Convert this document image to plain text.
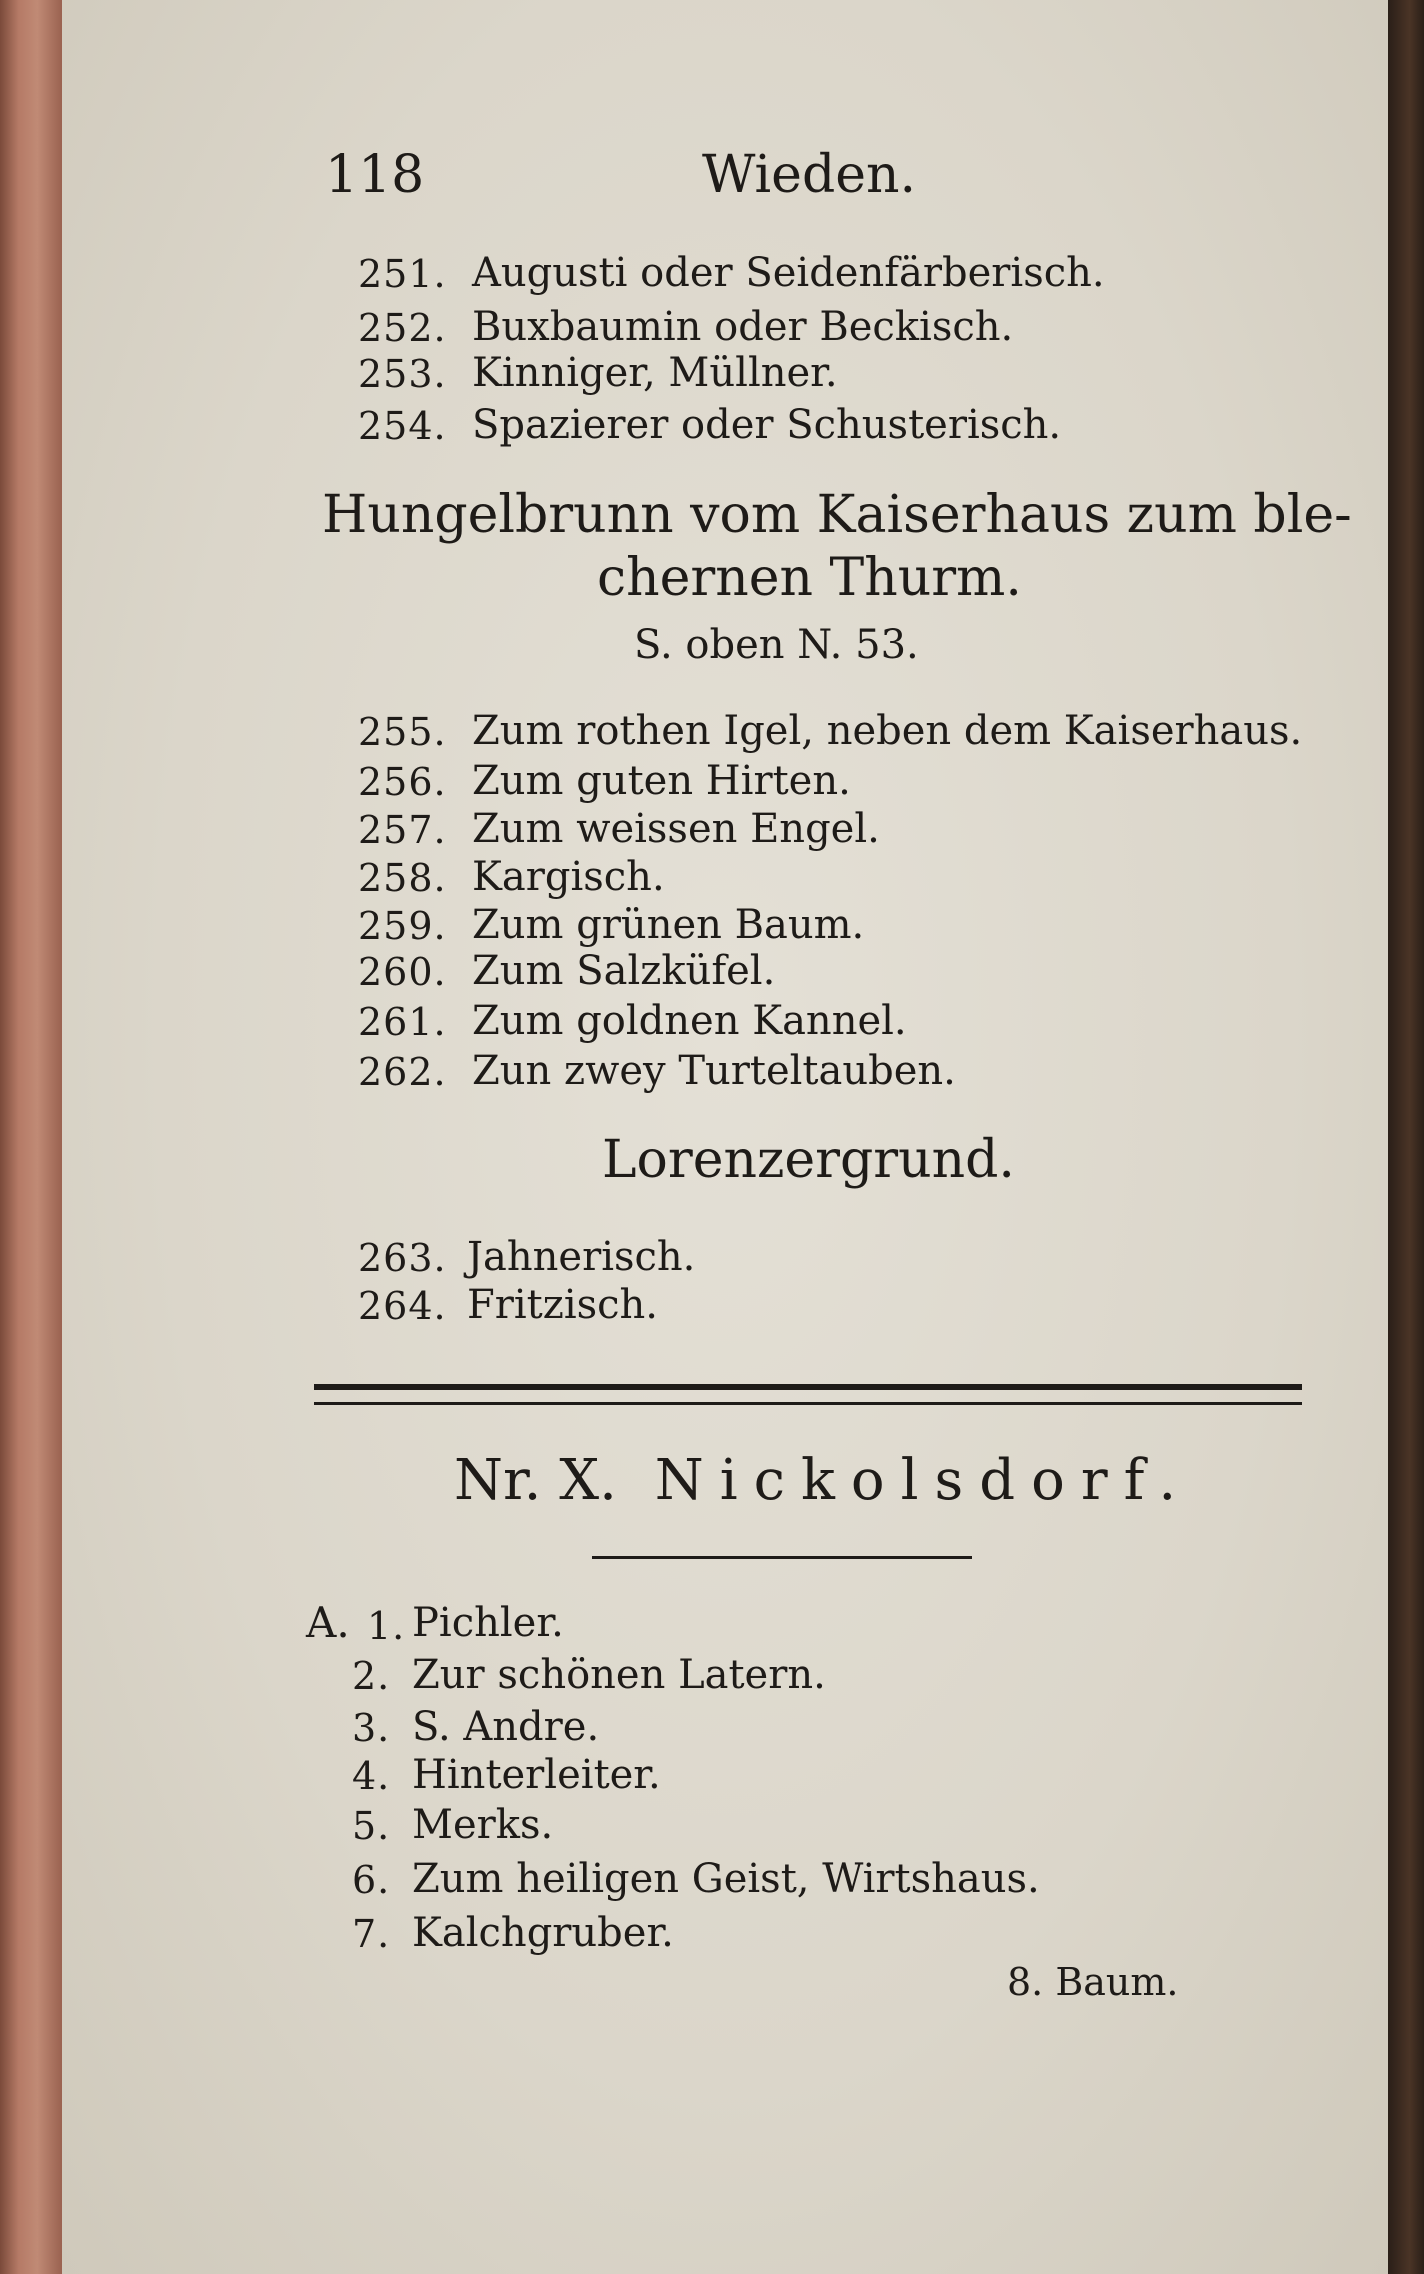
118	Wieden.
251. Augusti oder Seidenfärberisch.
252. Buxbaumin oder Beckisch.
253. Kinniger, Müllner.
254. Spazierer oder Schusterisch.
Hungelbrunn vom Kaiserhaus zum ble-
chernen Thurm.
S. oben N. 53.
255. Zum rothen Igel, neben dem Kaiserhaus.
256. Zum guten Hirten.
257. Zum weissen Engel.
258. Kargisch.
259. Zum grünen Baum.
260. Zum Salzküfel.
261. Zum goldnen Kannel.
262. Zun zwey Turteltauben.
Lorenzergrund.
263. Jahnerisch.
264. Fritzisch.
Nr. X. Nickolsdorf.
A. 1. Pichler.
2. Zur schönen Latern.
3. S. Andre.
4. Hinterleiter.
5. Merks.
6. Zum heiligen Geist, Wirtshaus.
7. Kalchgruber.
8. Baum.
